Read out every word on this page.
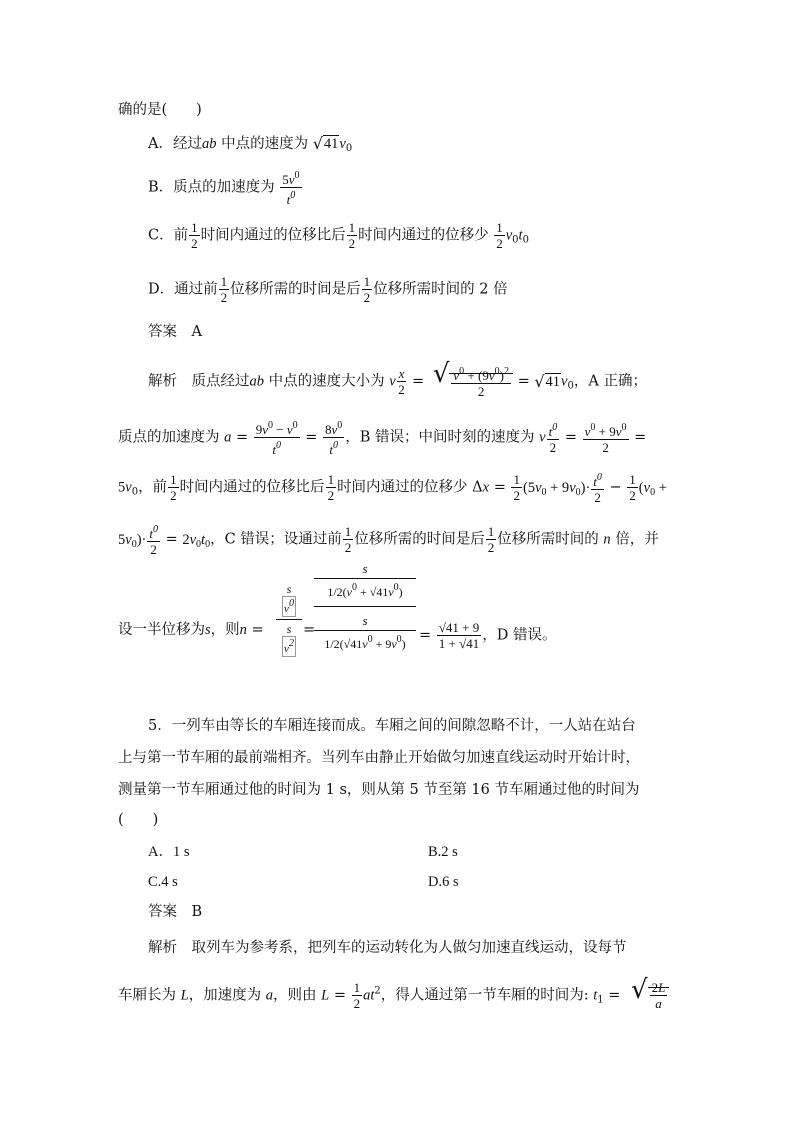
确的是(　　)
A．经过ab 中点的速度为 $√41v_0$
B．质点的加速度为 $\frac{5v^0}{t^0}$
C．前 $\frac{1}{2}$ 时间内通过的位移比后 $\frac{1}{2}$ 时间内通过的位移少 $\frac{1}{2} v_0t_0$
D．通过前 $\frac{1}{2}$ 位移所需的时间是后 $\frac{1}{2}$ 位移所需时间的 2 倍
答案　 A
解析　 质点经过ab 中点的速度大小为 v $\frac{x}{2}$ = √ $\frac{v^0 + (9v^0)^2}{2} = √41v_0$，A 正确；
质点的加速度为 $a = \frac{9v^0 - v^0}{t^0} = \frac{8v^0}{t^0}$ ，B 错误；中间时刻的速度为 v $\frac{t^0}{2} = \frac{v^0 + 9v^0}{2}$ =
$5v_0$，前 $\frac{1}{2}$ 时间内通过的位移比后 $\frac{1}{2}$ 时间内通过的位移少 $\Delta x = \frac{1}{2} (5v_0 + 9v_0)\cdot \frac{t^0}{2} - \frac{1}{2} (v_0$ +
$5v_0)\cdot \frac{t^0}{2} = 2v_0t_0$，C 错误；设通过前 $\frac{1}{2}$ 位移所需的时间是后 $\frac{1}{2}$ 位移所需时间的 n 倍，并
设一半位移为s，则n =
s
$v^0$
s
$v^2$
=
s
$1/2(v^0 + √41v^0)$
s
$1/2(√41v^0 + 9v^0)$
= $\frac{√41 + 9}{1 + √41}$ ，D 错误。
5．一列车由等长的车厢连接而成。车厢之间的间隙忽略不计，一人站在站台
上与第一节车厢的最前端相齐。当列车由静止开始做匀加速直线运动时开始计时，
测量第一节车厢通过他的时间为 1 s，则从第 5 节至第 16 节车厢通过他的时间为
(　　)
A．1 s	B.2 s
C.4 s	D.6 s
答案　 B
解析　 取列车为参考系，把列车的运动转化为人做匀加速直线运动，设每节
车厢长为 L，加速度为 a，则由 $L = \frac{1}{2} at^2$，得人通过第一节车厢的时间为: $t_1$ = √ $\frac{2L}{a}$
